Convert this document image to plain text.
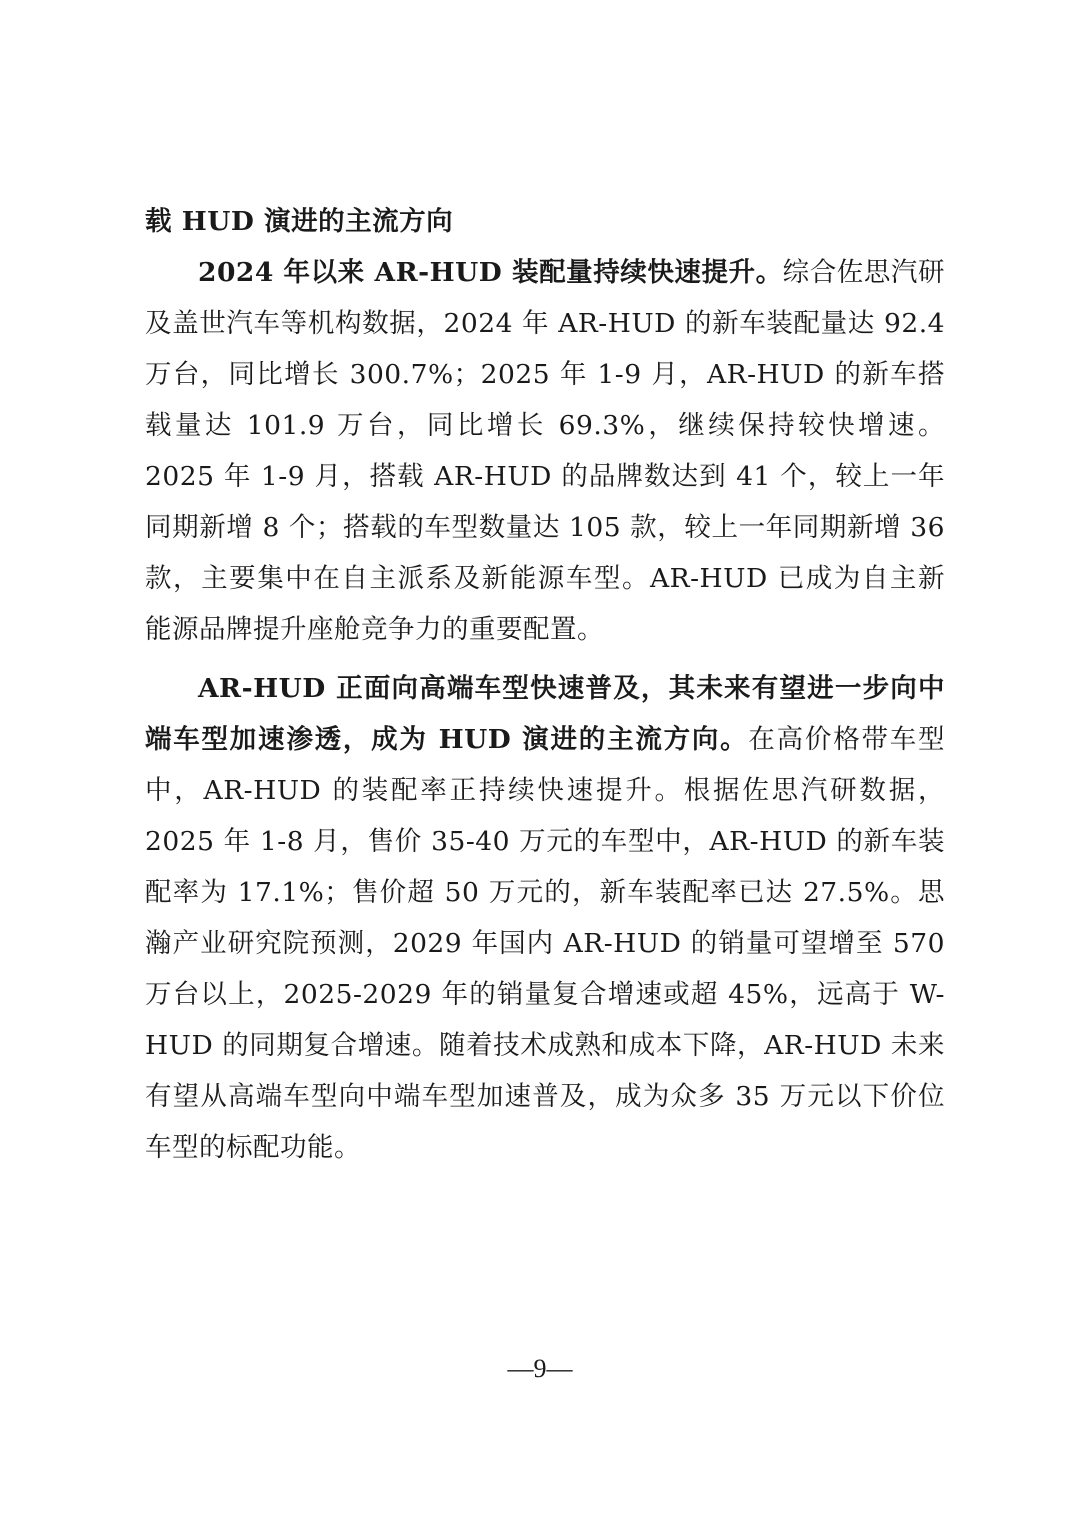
载 HUD 演进的主流方向

2024 年以来 AR-HUD 装配量持续快速提升。综合佐思汽研及盖世汽车等机构数据，2024 年 AR-HUD 的新车装配量达 92.4 万台，同比增长 300.7%；2025 年 1-9 月，AR-HUD 的新车搭载量达 101.9 万台，同比增长 69.3%，继续保持较快增速。2025 年 1-9 月，搭载 AR-HUD 的品牌数达到 41 个，较上一年同期新增 8 个；搭载的车型数量达 105 款，较上一年同期新增 36 款，主要集中在自主派系及新能源车型。AR-HUD 已成为自主新能源品牌提升座舱竞争力的重要配置。

AR-HUD 正面向高端车型快速普及，其未来有望进一步向中端车型加速渗透，成为 HUD 演进的主流方向。在高价格带车型中，AR-HUD 的装配率正持续快速提升。根据佐思汽研数据，2025 年 1-8 月，售价 35-40 万元的车型中，AR-HUD 的新车装配率为 17.1%；售价超 50 万元的，新车装配率已达 27.5%。思瀚产业研究院预测，2029 年国内 AR-HUD 的销量可望增至 570 万台以上，2025-2029 年的销量复合增速或超 45%，远高于 W-HUD 的同期复合增速。随着技术成熟和成本下降，AR-HUD 未来有望从高端车型向中端车型加速普及，成为众多 35 万元以下价位车型的标配功能。

—9—
